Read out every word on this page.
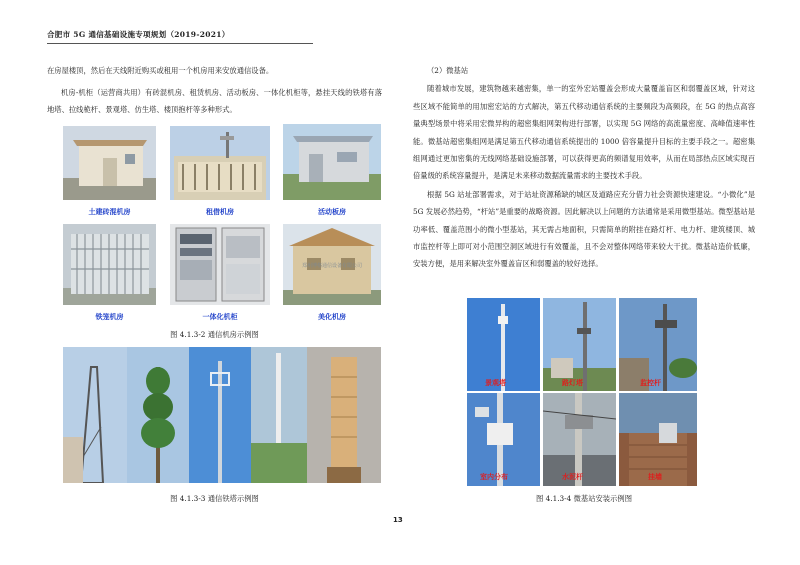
合肥市 5G 通信基础设施专项规划（2019-2021）

在房屋楼顶，然后在天线附近购买或租用一个机房用来安放通信设备。

机房-机柜（运营商共用）有砖混机房、租赁机房、活动板房、一体化机柜等，悬挂天线的铁塔有落地塔、拉线桅杆、景观塔、仿生塔、楼顶抱杆等多种形式。

土建砖混机房	租借机房	活动板房
郑州博格通信设备有限公司
铁笼机房	一体化机柜	美化机房
图 4.1.3-2 通信机房示例图
图 4.1.3-3 通信铁塔示例图

（2）微基站

随着城市发展，建筑物越来越密集，单一的室外宏站覆盖会形成大量覆盖盲区和弱覆盖区域，针对这些区域不能简单的用加密宏站的方式解决，第五代移动通信系统的主要频段为高频段，在 5G 的热点高容量典型场景中将采用宏微异构的超密集组网架构进行部署，以实现 5G 网络的高流量密度、高峰值速率性能。微基站超密集组网是满足第五代移动通信系统提出的 1000 倍容量提升目标的主要手段之一。超密集组网通过更加密集的无线网络基础设施部署，可以获得更高的频谱复用效率，从而在局部热点区域实现百倍量级的系统容量提升，是满足未来移动数据流量需求的主要技术手段。

根据 5G 站址部署需求，对于站址资源稀缺的城区及道路应充分借力社会资源快速建设。“小微化”是 5G 发展必然趋势，“杆站”是重要的战略资源。因此解决以上问题的方法通常是采用微型基站。微型基站是功率低、覆盖范围小的微小型基站，其无需占地面积，只需简单的附挂在路灯杆、电力杆、建筑楼顶、城市监控杆等上即可对小范围空洞区域进行有效覆盖，且不会对整体网络带来较大干扰。微基站造价低廉，安装方便，是用来解决室外覆盖盲区和弱覆盖的较好选择。

景观塔	路灯塔	监控杆
室内分布	水泥杆	挂墙
图 4.1.3-4 微基站安装示例图
13
